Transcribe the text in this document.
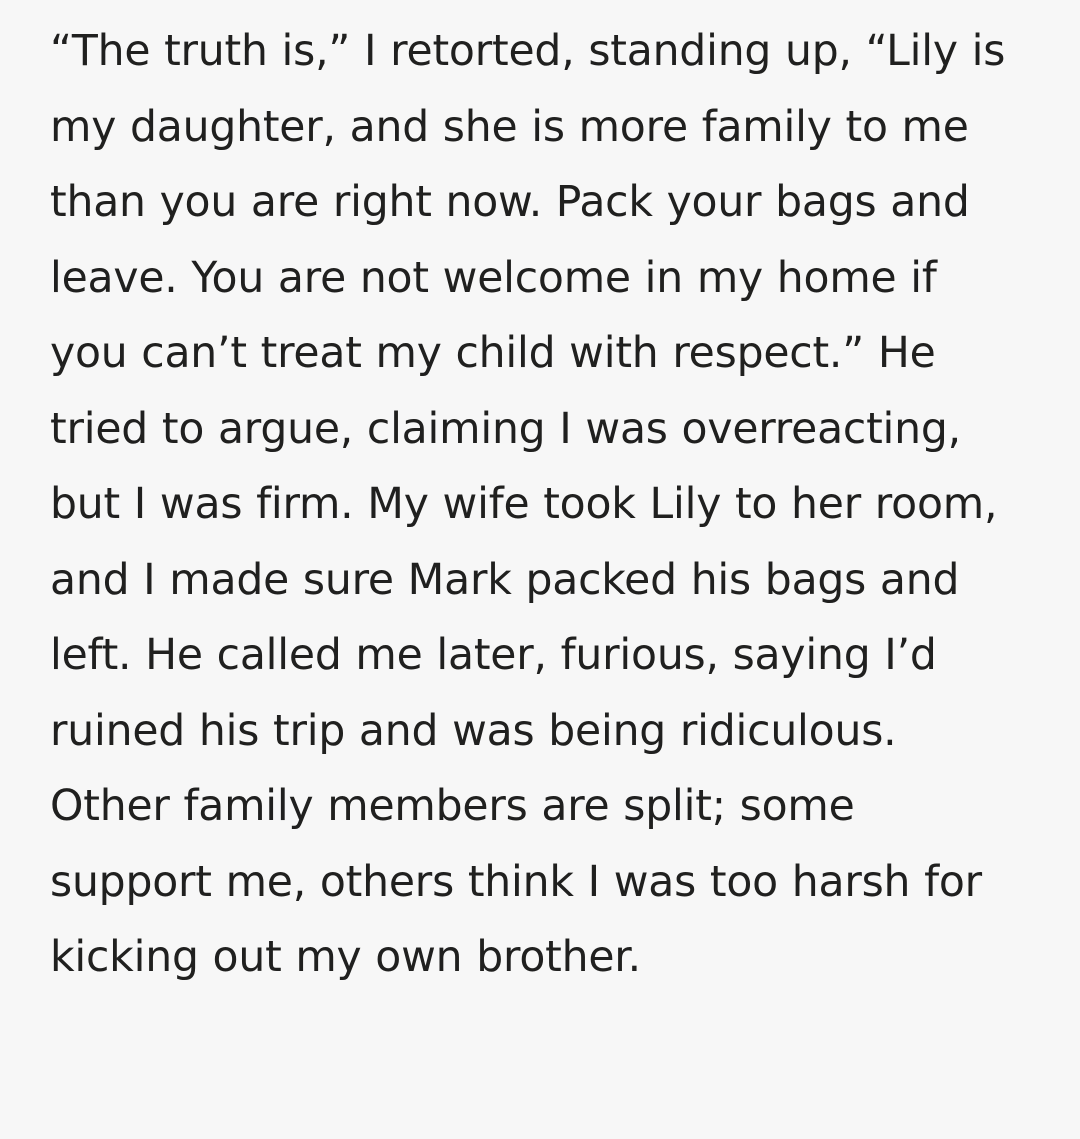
“The truth is,” I retorted, standing up, “Lily is my daughter, and she is more family to me than you are right now. Pack your bags and leave. You are not welcome in my home if you can’t treat my child with respect.” He tried to argue, claiming I was overreacting, but I was firm. My wife took Lily to her room, and I made sure Mark packed his bags and left. He called me later, furious, saying I’d ruined his trip and was being ridiculous. Other family members are split; some support me, others think I was too harsh for kicking out my own brother.
